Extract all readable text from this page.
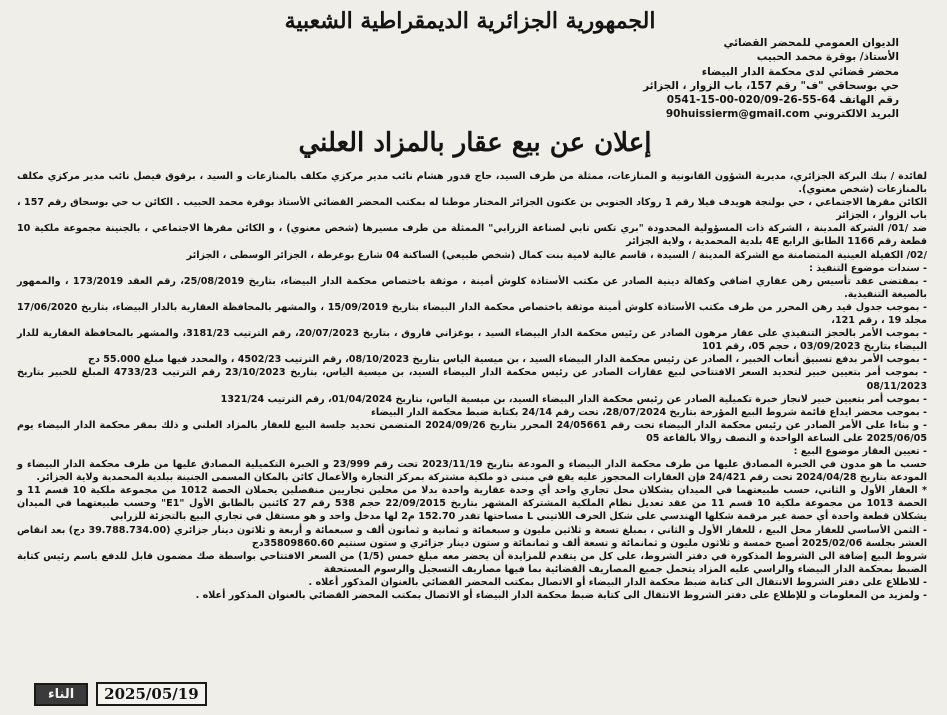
الجمهورية الجزائرية الديمقراطية الشعبية
الديوان العمومي للمحضر القضائي
الأستاذ/ بوقرة محمد الحبيب
محضر قضائي لدى محكمة الدار البيضاء
حي بوسحاقي "ف" رقم 157، باب الزوار ، الجزائر
رقم الهاتف 64-55-26-020/09-00-15-0541
البريد الالكتروني 90huissierm@gmail.com
إعلان عن بيع عقار بالمزاد العلني

لفائدة / بنك البركة الجزائري، مديرية الشؤون القانونية و المنازعات، ممثلة من طرف السيد، حاج قدور هشام نائب مدير مركزي مكلف بالمنازعات و السيد ، برقوق فيصل نائب مدير مركزي مكلف بالمنازعات (شخص معنوي).

الكائن مقرها الاجتماعي ، حي بولنجة هويدف فيلا رقم 1 روكاد الجنوبي بن عكنون الجزائر المختار موطنا له بمكتب المحضر القضائي الأستاذ بوقرة محمد الحبيب . الكائن ب حي بوسحاق رقم 157 ، باب الزوار ، الجزائر

ضد /01/ الشركة المدينة ، الشركة ذات المسؤولية المحدودة "بري تكس تابي لصناعة الزرابي" الممثلة من طرف مسيرها (شخص معنوي) ، و الكائن مقرها الاجتماعي ، بالجنينة مجموعة ملكية 10 قطعة رقم 1166 الطابق الرابع 4E بلدية المحمدية ، ولاية الجزائر

/02/ الكفيلة العينية المتضامنة مع الشركة المدينة / السيدة ، قاسم غالية لامية بنت كمال (شخص طبيعي) الساكنة 04 شارع بوغرطة ، الجزائر الوسطى ، الجزائر

- سندات موضوع التنفيذ :

- بمقتضى عقد تأسيس رهن عقاري اضافي وكفالة دينية الصادر عن مكتب الأستاذة كلوش أمينة ، موثقة باختصاص محكمة الدار البيضاء، بتاريخ 25/08/2019، رقم العقد 173/2019 ، والممهور بالصيغة التنفيذية.

- بموجب جدول قيد رهن المحرر من طرف مكتب الأستاذة كلوش أمينة موثقة باختصاص محكمة الدار البيضاء بتاريخ 15/09/2019 ، والمشهر بالمحافظة العقارية بالدار البيضاء، بتاريخ 17/06/2020 مجلد 19 ، رقم 121،

- بموجب الأمر بالحجز التنفيذي على عقار مرهون الصادر عن رئيس محكمة الدار البيضاء السيد ، بوغزاني فاروق ، بتاريخ 20/07/2023، رقم الترتيب 3181/23، والمشهر بالمحافظة العقارية للدار البيضاء بتاريخ 03/09/2023 ، حجم 05، رقم 101

- بموجب الأمر بدفع تسبيق أتعاب الخبير ، الصادر عن رئيس محكمة الدار البيضاء السيد ، بن ميسية الياس بتاريخ 08/10/2023، رقم الترتيب 4502/23 ، والمحدد فيها مبلغ 55.000 دج

- بموجب أمر بتعيين خبير لتحديد السعر الافتتاحي لبيع عقارات الصادر عن رئيس محكمة الدار البيضاء السيد، بن ميسية الياس، بتاريخ 23/10/2023 رقم الترتيب 4733/23 المبلغ للخبير بتاريخ 08/11/2023

- بموجب أمر بتعيين خبير لانجاز خبرة تكميلية الصادر عن رئيس محكمة الدار البيضاء السيد، بن ميسية الياس، بتاريخ 01/04/2024، رقم الترتيب 1321/24

- بموجب محضر ايداع قائمة شروط البيع المؤرخة بتاريخ 28/07/2024، تحت رقم 24/14 بكتابة ضبط محكمة الدار البيضاء

- و بناءا على الأمر الصادر عن رئيس محكمة الدار البيضاء تحت رقم 24/05661 المحرر بتاريخ 2024/09/26 المتضمن تحديد جلسة البيع للعقار بالمزاد العلني و ذلك بمقر محكمة الدار البيضاء يوم 2025/06/05 على الساعة الواحدة و النصف زوالا بالقاعة 05

- تعيين العقار موضوع البيع :

حسب ما هو مدون في الخبرة المصادق عليها من طرف محكمة الدار البيضاء و المودعة بتاريخ 2023/11/19 تحت رقم 23/999 و الخبرة التكميلية المصادق عليها من طرف محكمة الدار البيضاء و المودعة بتاريخ 2024/04/28 تحت رقم 24/421 فإن العقارات المحجوز عليه يقع في مبنى ذو ملكية مشتركة بمركز التجارة والأعمال كائن بالمكان المسمى الجنينة ببلدية المحمدية ولاية الجزائر.

* العقار الأول و الثاني، حسب طبيعتهما في الميدان يشكلان محل تجاري واحد أي وحدة عقارية واحدة بدلا من محلين تجاريين منفصلين يحملان الحصة 1012 من مجموعة ملكية 10 قسم 11 و الحصة 1013 من مجموعة ملكية 10 قسم 11 من عقد تعديل نظام الملكية المشتركة المشهر بتاريخ 22/09/2015 حجم 538 رقم 27 كائنين بالطابق الأول "E1" وحسب طبيعتهما في الميدان يشكلان قطعة واحدة أي حصة غير مرقمة شكلها الهندسي على شكل الحرف اللاتيني L مساحتها تقدر 152.70 م2 لها مدخل واحد و هو مستقل في تجاري البيع بالتجزئة للزرابي

- الثمن الأساسي للعقار محل البيع ، للعقار الأول و الثاني ، بمبلغ تسعة و ثلاثين مليون و سبعمائة و ثمانية و ثمانون ألف و سبعمائة و أربعة و ثلاثون دينار جزائري (39.788.734.00 دج) بعد انقاص العشر بجلسة 2025/02/06 أصبح خمسة و ثلاثون مليون و ثمانمائة و تسعة ألف و ثمانمائة و ستون دينار جزائري و ستون سنتيم 35809860.60دج

شروط البيع إضافة الى الشروط المذكورة في دفتر الشروط، على كل من يتقدم للمزايدة أن يحضر معه مبلغ خمس (1/5) من السعر الافتتاحي بواسطة صك مضمون قابل للدفع باسم رئيس كتابة الضبط بمحكمة الدار البيضاء والراسي عليه المزاد يتحمل جميع المصاريف القضائية بما فيها مصاريف التسجيل والرسوم المستحقة

- للاطلاع على دفتر الشروط الانتقال الى كتابة ضبط محكمة الدار البيضاء أو الاتصال بمكتب المحضر القضائي بالعنوان المذكور أعلاه .

- ولمزيد من المعلومات و للإطلاع على دفتر الشروط الانتقال الى كتابة ضبط محكمة الدار البيضاء أو الاتصال بمكتب المحضر القضائي بالعنوان المذكور أعلاه .

الناء	2025/05/19
